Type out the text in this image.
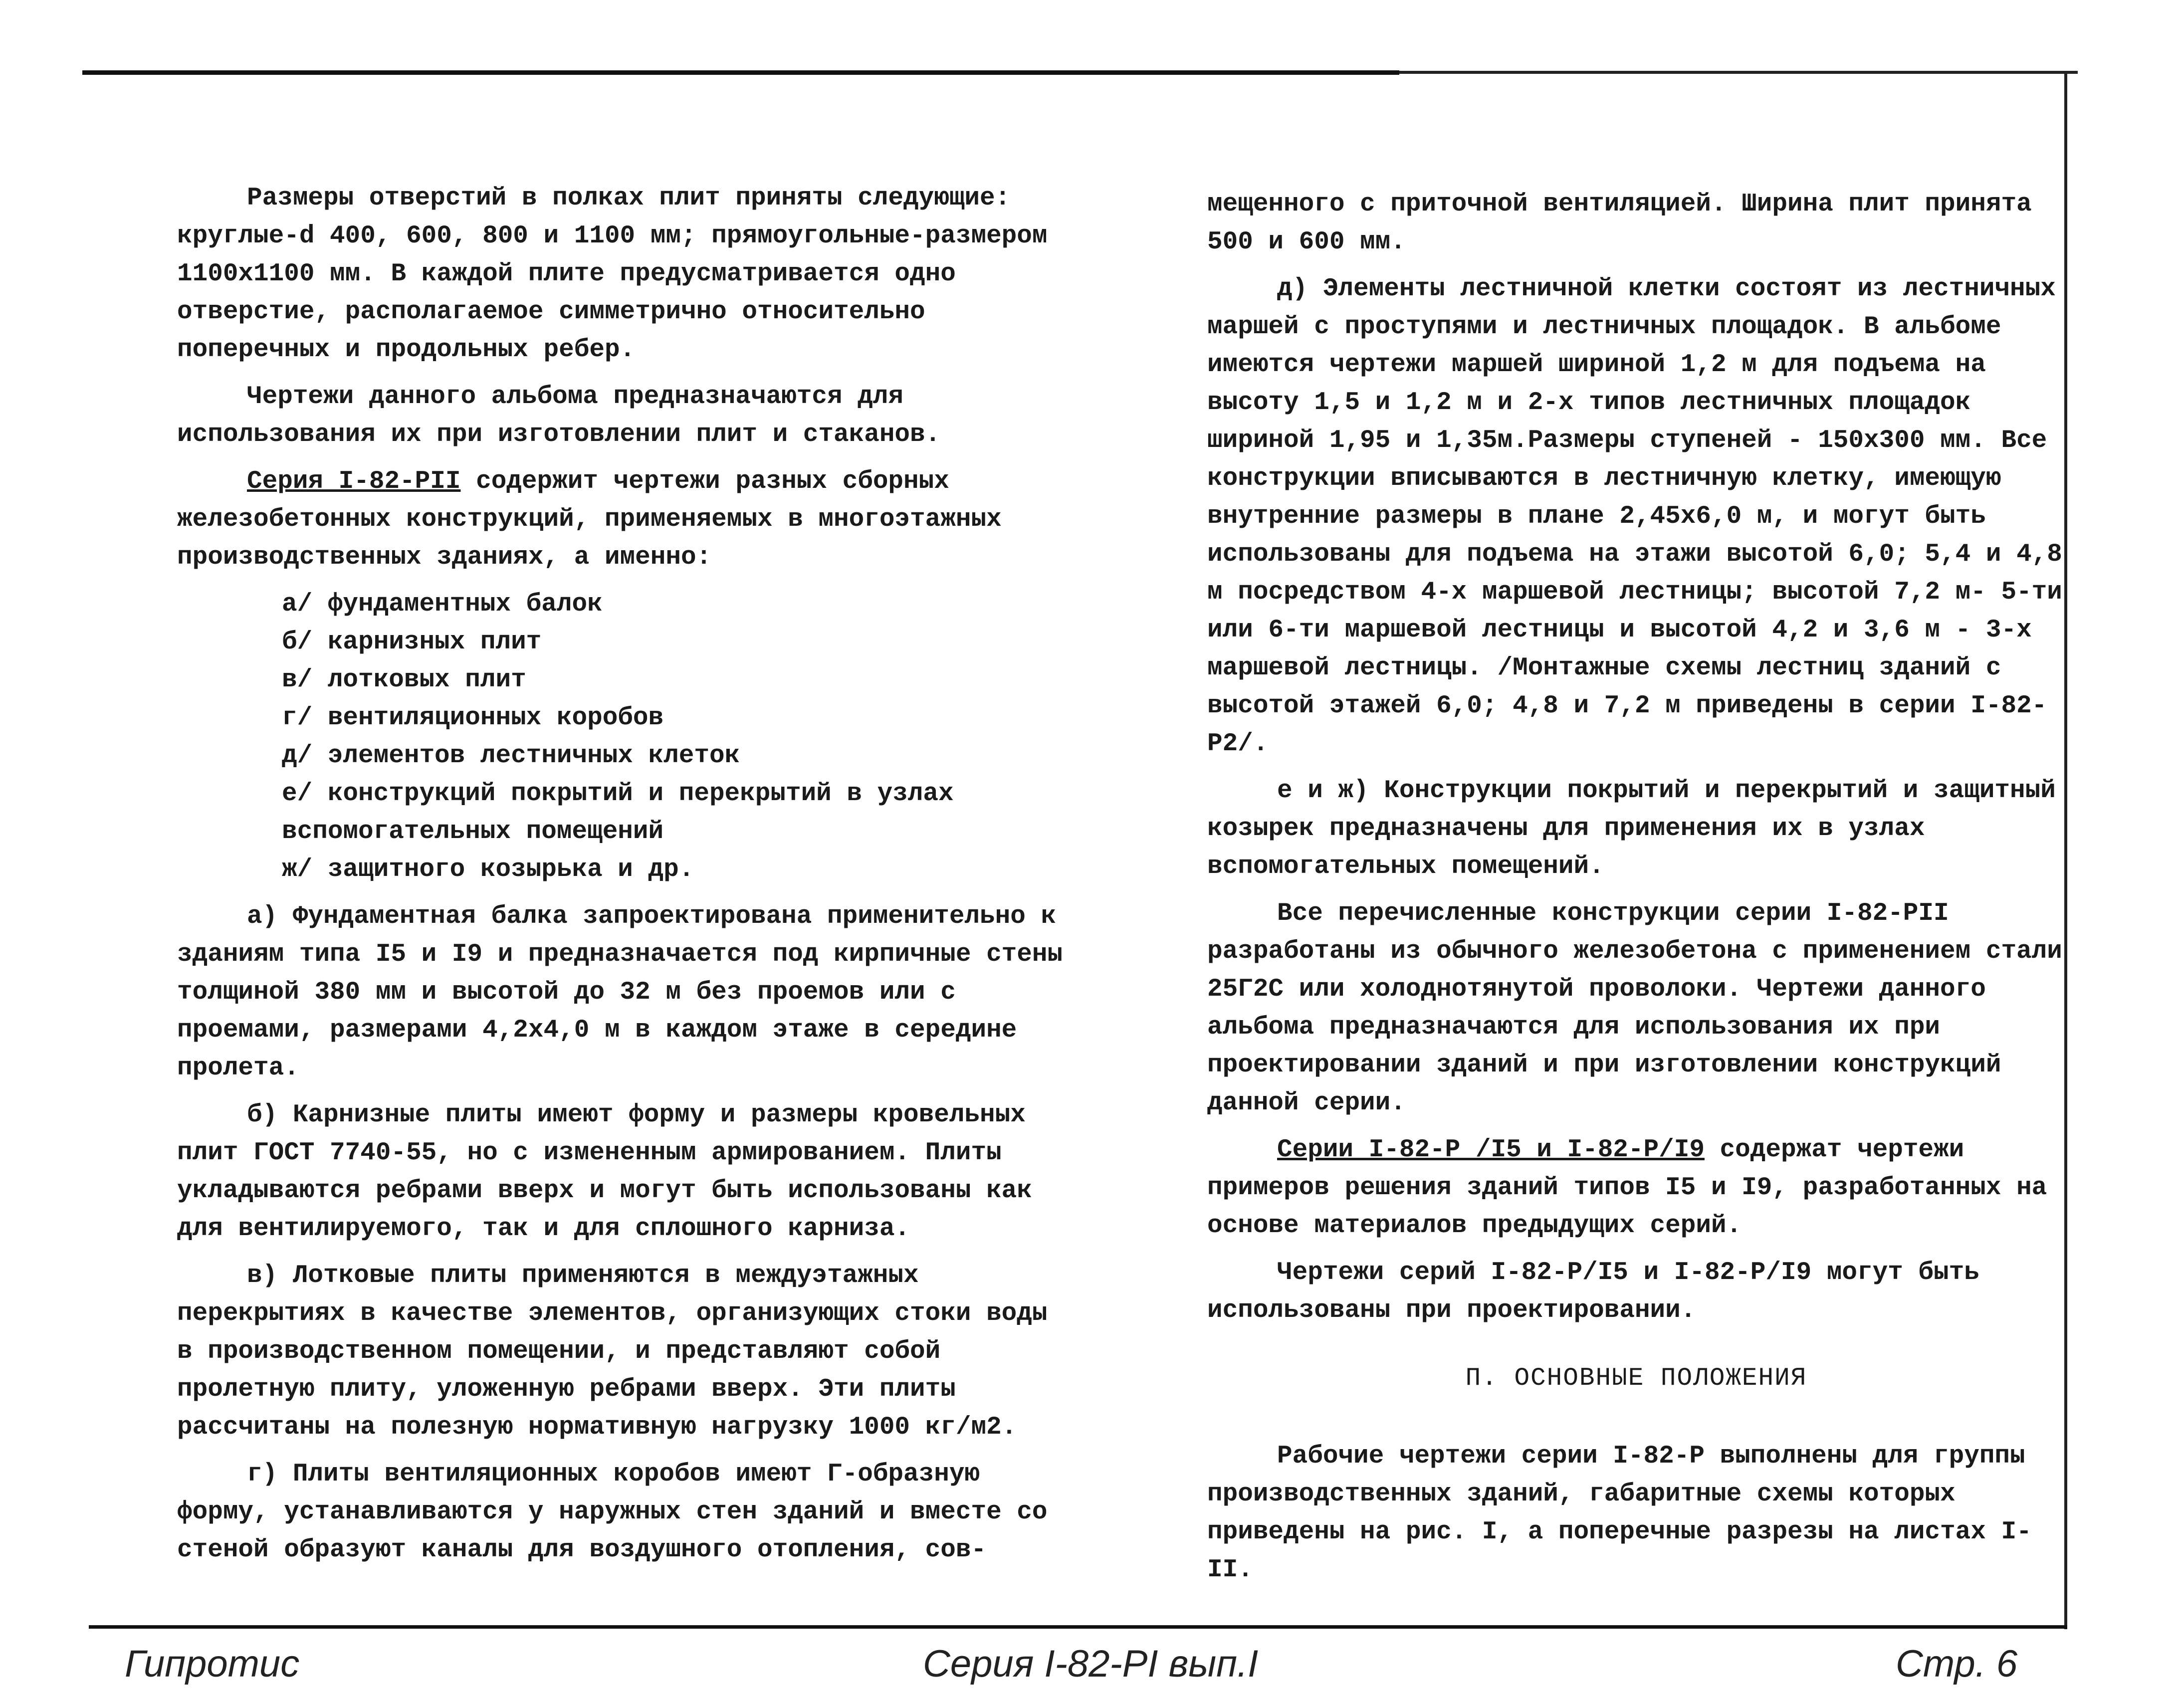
Размеры отверстий в полках плит приняты следующие: круглые-d 400, 600, 800 и 1100 мм; прямоугольные-размером 1100х1100 мм. В каждой плите предусматривается одно отверстие, располагаемое симметрично относительно поперечных и продольных ребер.

Чертежи данного альбома предназначаются для использования их при изготовлении плит и стаканов.

Серия I-82-PII содержит чертежи разных сборных железобетонных конструкций, применяемых в многоэтажных производственных зданиях, а именно:

а/ фундаментных балок
б/ карнизных плит
в/ лотковых плит
г/ вентиляционных коробов
д/ элементов лестничных клеток
е/ конструкций покрытий и перекрытий в узлах вспомогательных помещений
ж/ защитного козырька и др.

а) Фундаментная балка запроектирована применительно к зданиям типа I5 и I9 и предназначается под кирпичные стены толщиной 380 мм и высотой до 32 м без проемов или с проемами, размерами 4,2х4,0 м в каждом этаже в середине пролета.

б) Карнизные плиты имеют форму и размеры кровельных плит ГОСТ 7740-55, но с измененным армированием. Плиты укладываются ребрами вверх и могут быть использованы как для вентилируемого, так и для сплошного карниза.

в) Лотковые плиты применяются в междуэтажных перекрытиях в качестве элементов, организующих стоки воды в производственном помещении, и представляют собой пролетную плиту, уложенную ребрами вверх. Эти плиты рассчитаны на полезную нормативную нагрузку 1000 кг/м2.

г) Плиты вентиляционных коробов имеют Г-образную форму, устанавливаются у наружных стен зданий и вместе со стеной образуют каналы для воздушного отопления, сов-

мещенного с приточной вентиляцией. Ширина плит принята 500 и 600 мм.

д) Элементы лестничной клетки состоят из лестничных маршей с проступями и лестничных площадок. В альбоме имеются чертежи маршей шириной 1,2 м для подъема на высоту 1,5 и 1,2 м и 2-х типов лестничных площадок шириной 1,95 и 1,35м.Размеры ступеней - 150х300 мм. Все конструкции вписываются в лестничную клетку, имеющую внутренние размеры в плане 2,45х6,0 м, и могут быть использованы для подъема на этажи высотой 6,0; 5,4 и 4,8 м посредством 4-х маршевой лестницы; высотой 7,2 м- 5-ти или 6-ти маршевой лестницы и высотой 4,2 и 3,6 м - 3-х маршевой лестницы. /Монтажные схемы лестниц зданий с высотой этажей 6,0; 4,8 и 7,2 м приведены в серии I-82-P2/.

е и ж) Конструкции покрытий и перекрытий и защитный козырек предназначены для применения их в узлах вспомогательных помещений.

Все перечисленные конструкции серии I-82-PII разработаны из обычного железобетона с применением стали 25Г2С или холоднотянутой проволоки. Чертежи данного альбома предназначаются для использования их при проектировании зданий и при изготовлении конструкций данной серии.

Серии I-82-P /I5 и I-82-P/I9 содержат чертежи примеров решения зданий типов I5 и I9, разработанных на основе материалов предыдущих серий.

Чертежи серий I-82-P/I5 и I-82-P/I9 могут быть использованы при проектировании.

П. ОСНОВНЫЕ ПОЛОЖЕНИЯ

Рабочие чертежи серии I-82-P выполнены для группы производственных зданий, габаритные схемы которых приведены на рис. I, а поперечные разрезы на листах I-II.

Гипротис	Серия I-82-PI вып.I	Стр. 6
